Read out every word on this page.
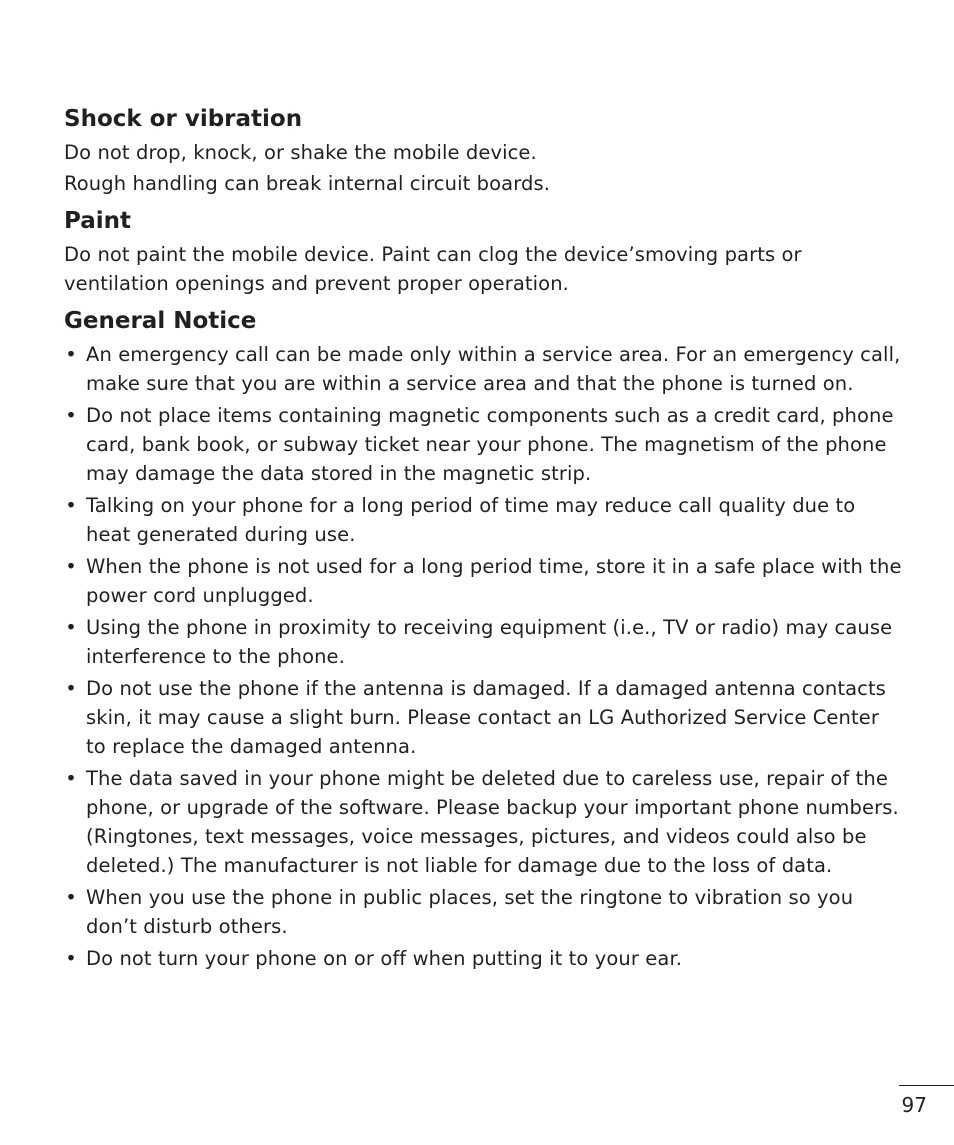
Shock or vibration

Do not drop, knock, or shake the mobile device.

Rough handling can break internal circuit boards.

Paint

Do not paint the mobile device. Paint can clog the device’smoving parts or ventilation openings and prevent proper operation.

General Notice
• An emergency call can be made only within a service area. For an emergency call, make sure that you are within a service area and that the phone is turned on.
• Do not place items containing magnetic components such as a credit card, phone card, bank book, or subway ticket near your phone. The magnetism of the phone may damage the data stored in the magnetic strip.
• Talking on your phone for a long period of time may reduce call quality due to heat generated during use.
• When the phone is not used for a long period time, store it in a safe place with the power cord unplugged.
• Using the phone in proximity to receiving equipment (i.e., TV or radio) may cause interference to the phone.
• Do not use the phone if the antenna is damaged. If a damaged antenna contacts skin, it may cause a slight burn. Please contact an LG Authorized Service Center to replace the damaged antenna.
• The data saved in your phone might be deleted due to careless use, repair of the phone, or upgrade of the software. Please backup your important phone numbers. (Ringtones, text messages, voice messages, pictures, and videos could also be deleted.) The manufacturer is not liable for damage due to the loss of data.
• When you use the phone in public places, set the ringtone to vibration so you don’t disturb others.
• Do not turn your phone on or off when putting it to your ear.
97
